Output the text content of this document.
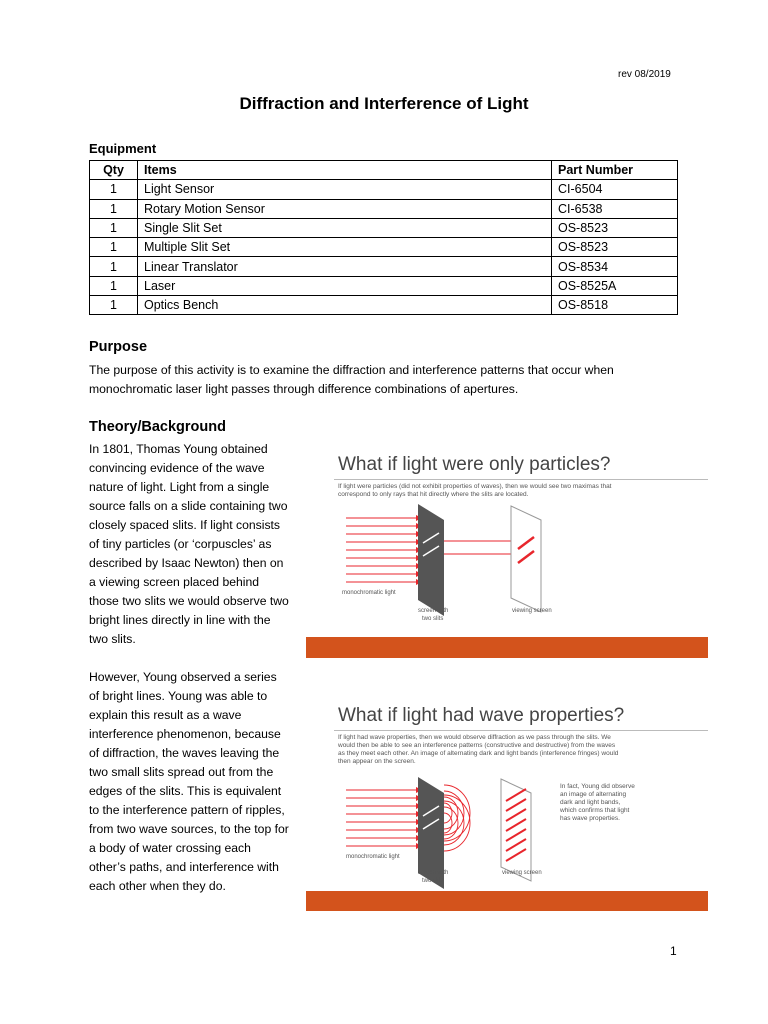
rev 08/2019
Diffraction and Interference of Light
Equipment
Qty	Items	Part Number
1	Light Sensor	CI-6504
1	Rotary Motion Sensor	CI-6538
1	Single Slit Set	OS-8523
1	Multiple Slit Set	OS-8523
1	Linear Translator	OS-8534
1	Laser	OS-8525A
1	Optics Bench	OS-8518
Purpose
The purpose of this activity is to examine the diffraction and interference patterns that occur when
monochromatic laser light passes through difference combinations of apertures.
Theory/Background

In 1801, Thomas Young obtained convincing evidence of the wave nature of light. Light from a single source falls on a slide containing two closely spaced slits. If light consists of tiny particles (or ‘corpuscles’ as described by Isaac Newton) then on a viewing screen placed behind those two slits we would observe two bright lines directly in line with the two slits.

However, Young observed a series of bright lines. Young was able to explain this result as a wave interference phenomenon, because of diffraction, the waves leaving the two small slits spread out from the edges of the slits. This is equivalent to the interference pattern of ripples, from two wave sources, to the top for a body of water crossing each other’s paths, and interference with each other when they do.

What if light were only particles?
If light were particles (did not exhibit properties of waves), then we would see two maximas that
correspond to only rays that hit directly where the slits are located.
monochromatic light
screen with
two slits
viewing screen
What if light had wave properties?
If light had wave properties, then we would observe diffraction as we pass through the slits. We
would then be able to see an interference patterns (constructive and destructive) from the waves
as they meet each other. An image of alternating dark and light bands (interference fringes) would
then appear on the screen.
In fact, Young did observe
an image of alternating
dark and light bands,
which confirms that light
has wave properties.
monochromatic light
screen with
two slits
viewing screen
1
